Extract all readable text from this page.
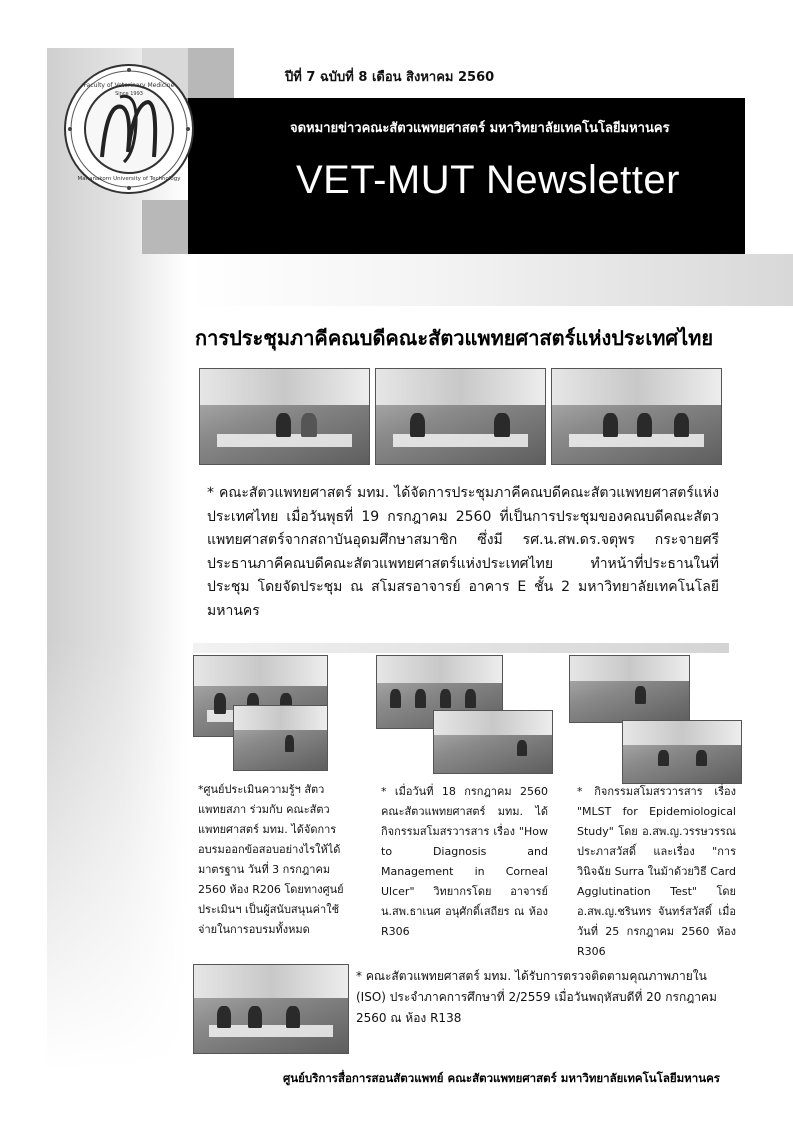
ปีที่ 7 ฉบับที่ 8 เดือน สิงหาคม 2560
จดหมายข่าวคณะสัตวแพทยศาสตร์ มหาวิทยาลัยเทคโนโลยีมหานคร
VET-MUT Newsletter
Faculty of Veterinary Medicine
Since 1993
Mahanakorn University of Technology
การประชุมภาคีคณบดีคณะสัตวแพทยศาสตร์แห่งประเทศไทย
* คณะสัตวแพทยศาสตร์ มทม. ได้จัดการประชุมภาคีคณบดีคณะสัตวแพทยศาสตร์แห่งประเทศไทย เมื่อวันพุธที่ 19 กรกฎาคม 2560 ที่เป็นการประชุมของคณบดีคณะสัตวแพทยศาสตร์จากสถาบันอุดมศึกษาสมาชิก ซึ่งมี รศ.น.สพ.ดร.จตุพร กระจายศรี ประธานภาคีคณบดีคณะสัตวแพทยศาสตร์แห่งประเทศไทย ทำหน้าที่ประธานในที่ประชุม โดยจัดประชุม ณ สโมสรอาจารย์ อาคาร E ชั้น 2 มหาวิทยาลัยเทคโนโลยีมหานคร
*ศูนย์ประเมินความรู้ฯ สัตวแพทยสภา ร่วมกับ คณะสัตวแพทยศาสตร์ มทม. ได้จัดการอบรมออกข้อสอบอย่างไรให้ได้มาตรฐาน วันที่ 3 กรกฎาคม 2560 ห้อง R206 โดยทางศูนย์ประเมินฯ เป็นผู้สนับสนุนค่าใช้จ่ายในการอบรมทั้งหมด
* เมื่อวันที่ 18 กรกฎาคม 2560 คณะสัตวแพทยศาสตร์ มทม. ได้กิจกรรมสโมสรวารสาร เรื่อง "How to Diagnosis and Management in Corneal Ulcer" วิทยากรโดย อาจารย์ น.สพ.ธาเนศ อนุศักดิ์เสถียร ณ ห้อง R306
* กิจกรรมสโมสรวารสาร เรื่อง "MLST for Epidemiological Study" โดย อ.สพ.ญ.วรรษวรรณ ประภาสวัสดิ์ และเรื่อง "การวินิจฉัย Surra ในม้าด้วยวิธี Card Agglutination Test" โดย อ.สพ.ญ.ชรินทร จันทร์สวัสดิ์ เมื่อวันที่ 25 กรกฎาคม 2560 ห้อง R306
* คณะสัตวแพทยศาสตร์ มทม. ได้รับการตรวจติดตามคุณภาพภายใน (ISO) ประจำภาคการศึกษาที่ 2/2559 เมื่อวันพฤหัสบดีที่ 20 กรกฎาคม 2560 ณ ห้อง R138
ศูนย์บริการสื่อการสอนสัตวแพทย์ คณะสัตวแพทยศาสตร์ มหาวิทยาลัยเทคโนโลยีมหานคร
